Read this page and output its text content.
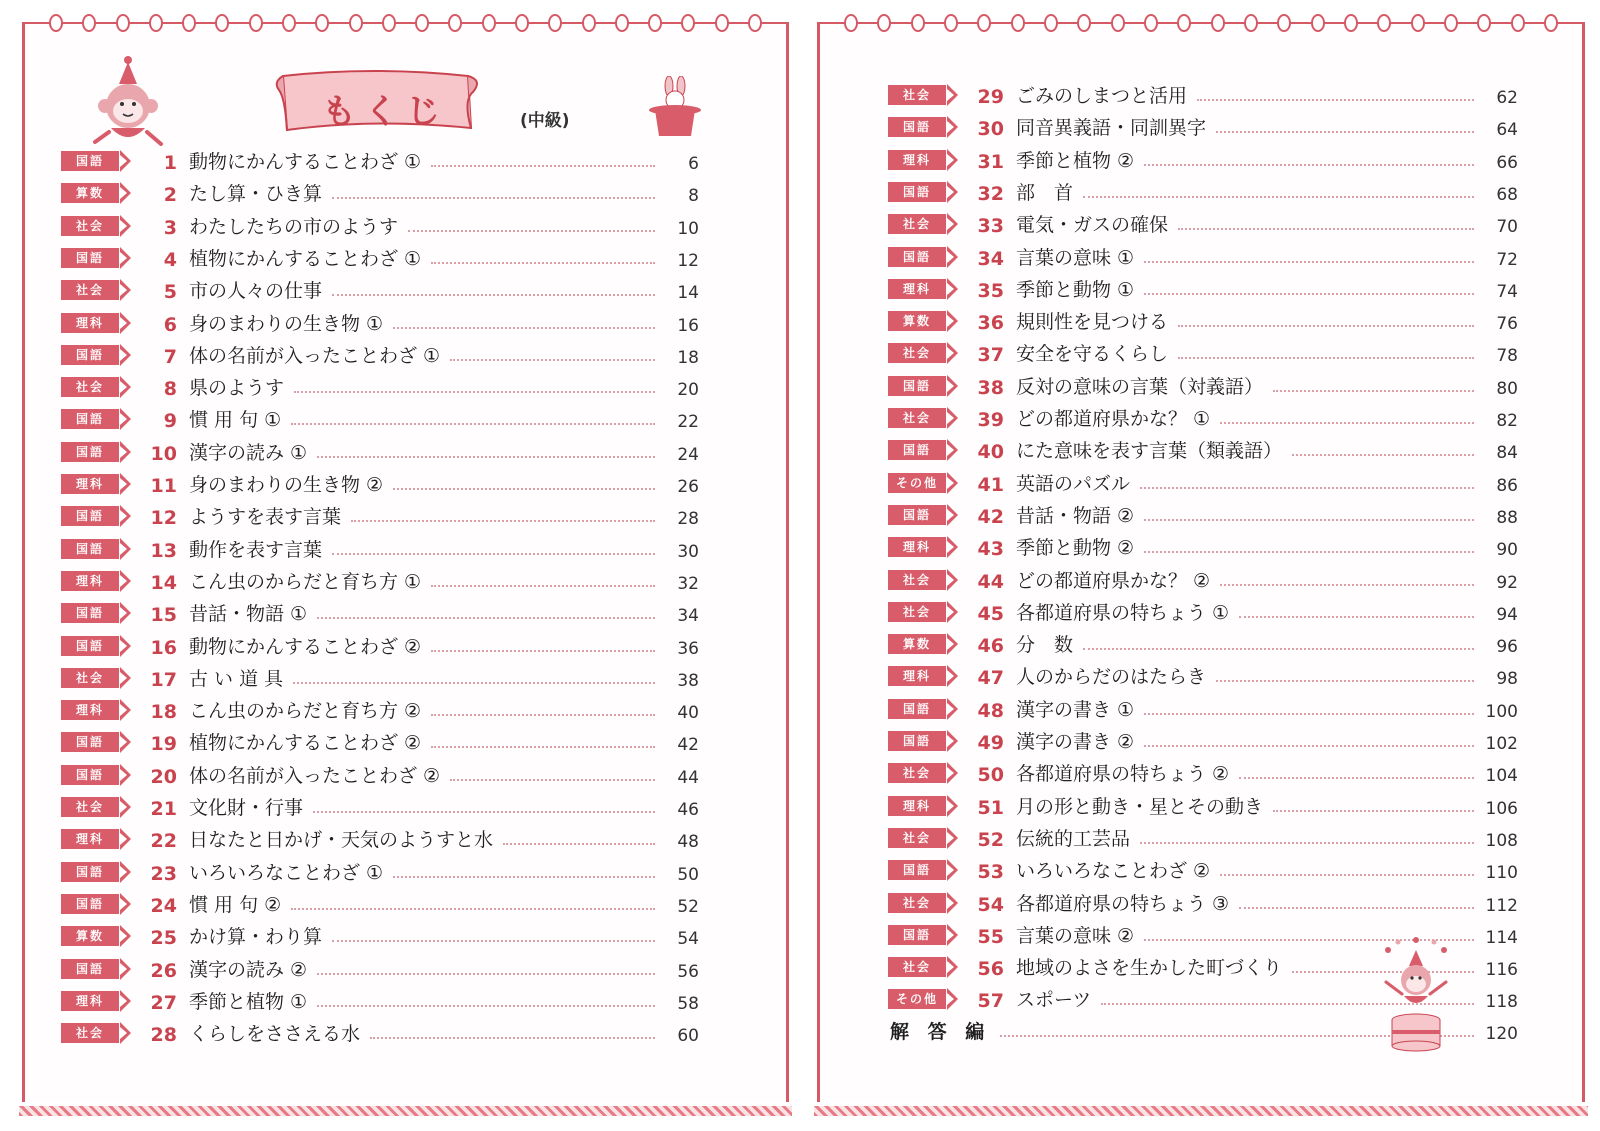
もくじ	(中級)
国語	1 動物にかんすることわざ ①	6
算数	2 たし算・ひき算	8
社会	3 わたしたちの市のようす	10
国語	4 植物にかんすることわざ ①	12
社会	5 市の人々の仕事	14
理科	6 身のまわりの生き物 ①	16
国語	7 体の名前が入ったことわざ ①	18
社会	8 県のようす	20
国語	9 慣 用 句 ①	22
国語	10 漢字の読み ①	24
理科	11 身のまわりの生き物 ②	26
国語	12 ようすを表す言葉	28
国語	13 動作を表す言葉	30
理科	14 こん虫のからだと育ち方 ①	32
国語	15 昔話・物語 ①	34
国語	16 動物にかんすることわざ ②	36
社会	17 古 い 道 具	38
理科	18 こん虫のからだと育ち方 ②	40
国語	19 植物にかんすることわざ ②	42
国語	20 体の名前が入ったことわざ ②	44
社会	21 文化財・行事	46
理科	22 日なたと日かげ・天気のようすと水	48
国語	23 いろいろなことわざ ①	50
国語	24 慣 用 句 ②	52
算数	25 かけ算・わり算	54
国語	26 漢字の読み ②	56
理科	27 季節と植物 ①	58
社会	28 くらしをささえる水	60
社会	29 ごみのしまつと活用	62
国語	30 同音異義語・同訓異字	64
理科	31 季節と植物 ②	66
国語	32 部　首	68
社会	33 電気・ガスの確保	70
国語	34 言葉の意味 ①	72
理科	35 季節と動物 ①	74
算数	36 規則性を見つける	76
社会	37 安全を守るくらし	78
国語	38 反対の意味の言葉（対義語）	80
社会	39 どの都道府県かな？ ①	82
国語	40 にた意味を表す言葉（類義語）	84
その他	41 英語のパズル	86
国語	42 昔話・物語 ②	88
理科	43 季節と動物 ②	90
社会	44 どの都道府県かな？ ②	92
社会	45 各都道府県の特ちょう ①	94
算数	46 分　数	96
理科	47 人のからだのはたらき	98
国語	48 漢字の書き ①	100
国語	49 漢字の書き ②	102
社会	50 各都道府県の特ちょう ②	104
理科	51 月の形と動き・星とその動き	106
社会	52 伝統的工芸品	108
国語	53 いろいろなことわざ ②	110
社会	54 各都道府県の特ちょう ③	112
国語	55 言葉の意味 ②	114
社会	56 地域のよさを生かした町づくり	116
その他	57 スポーツ	118
解 答 編	120
